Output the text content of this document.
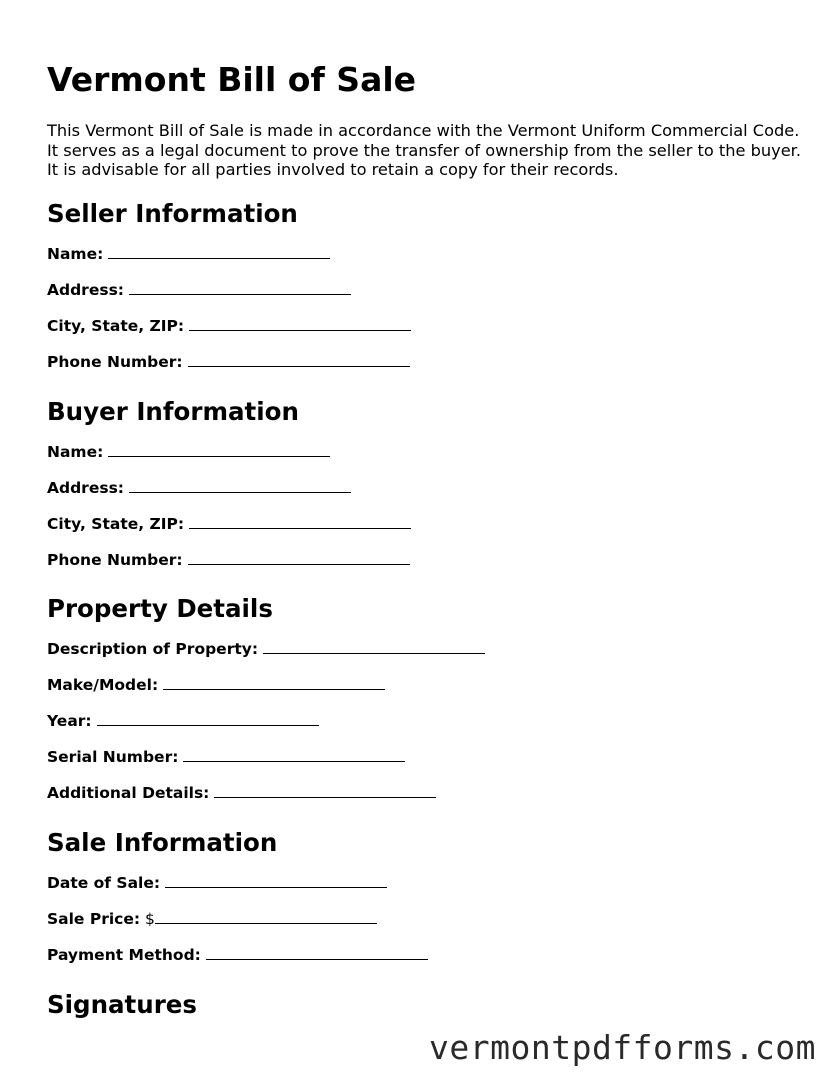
Vermont Bill of Sale

This Vermont Bill of Sale is made in accordance with the Vermont Uniform Commercial Code. It serves as a legal document to prove the transfer of ownership from the seller to the buyer. It is advisable for all parties involved to retain a copy for their records.

Seller Information
Name:
Address:
City, State, ZIP:
Phone Number:
Buyer Information
Name:
Address:
City, State, ZIP:
Phone Number:
Property Details
Description of Property:
Make/Model:
Year:
Serial Number:
Additional Details:
Sale Information
Date of Sale:
Sale Price: $
Payment Method:
Signatures
vermontpdfforms.com
